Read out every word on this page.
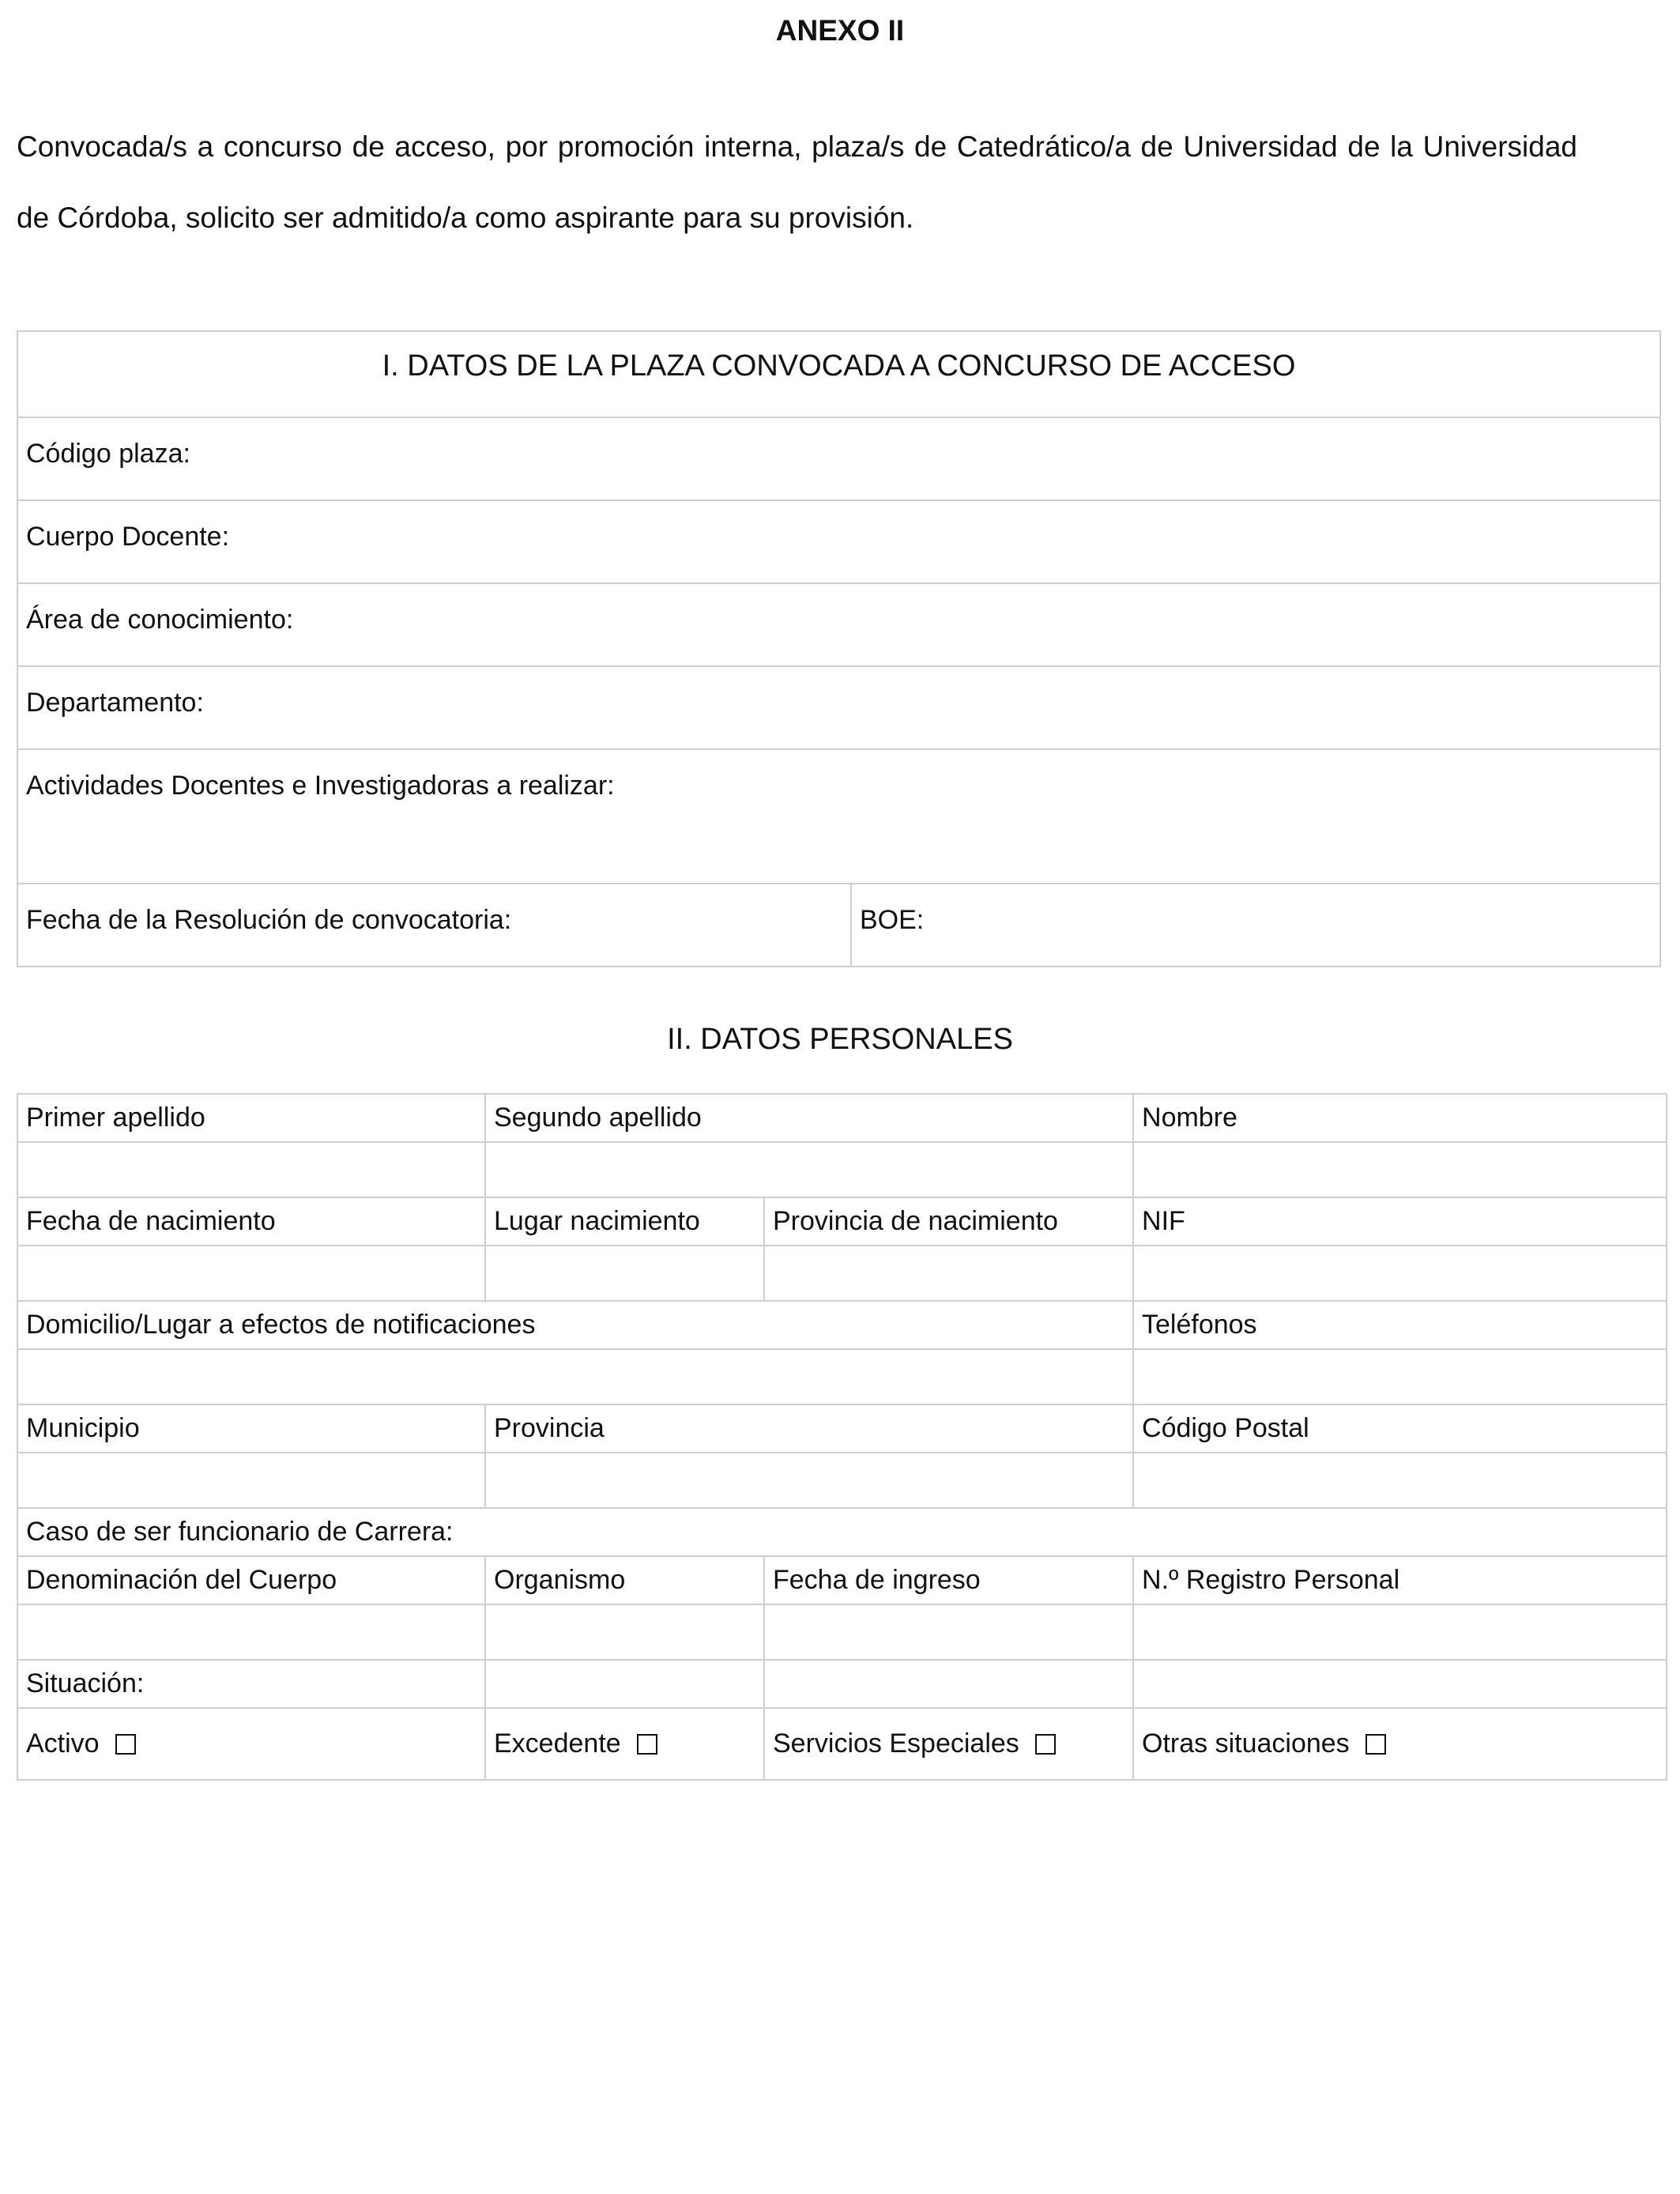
ANEXO II

Convocada/s a concurso de acceso, por promoción interna, plaza/s de Catedrático/a de Universidad de la Universidad de Córdoba, solicito ser admitido/a como aspirante para su provisión.

I. DATOS DE LA PLAZA CONVOCADA A CONCURSO DE ACCESO

Código plaza:

Cuerpo Docente:

Área de conocimiento:

Departamento:

Actividades Docentes e Investigadoras a realizar:

Fecha de la Resolución de convocatoria:	BOE:
II. DATOS PERSONALES
Primer apellido	Segundo apellido		Nombre

Fecha de nacimiento	Lugar nacimiento	Provincia de nacimiento	NIF

Domicilio/Lugar a efectos de notificaciones			Teléfonos

Municipio	Provincia		Código Postal

Caso de ser funcionario de Carrera:			
Denominación del Cuerpo	Organismo	Fecha de ingreso	N.º Registro Personal

Situación:			
Activo	Excedente	Servicios Especiales	Otras situaciones
